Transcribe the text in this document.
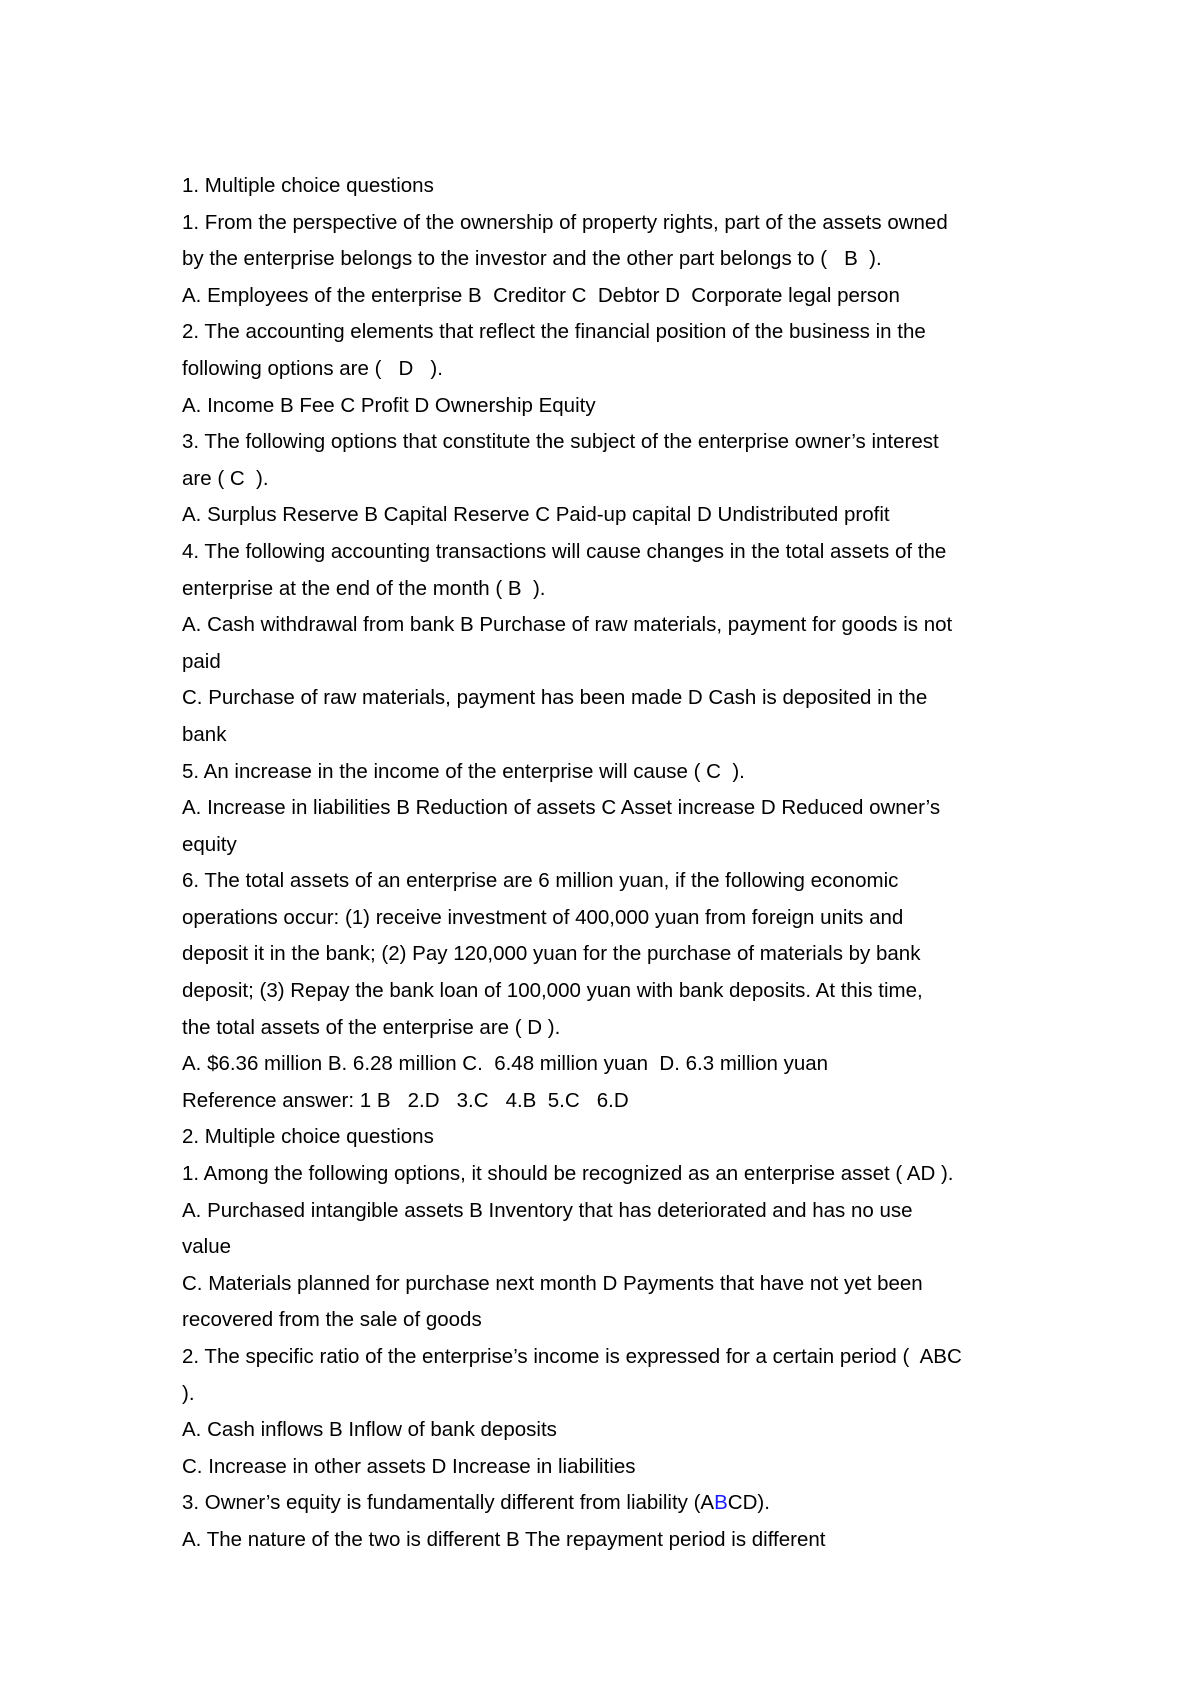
1. Multiple choice questions
1. From the perspective of the ownership of property rights, part of the assets owned
by the enterprise belongs to the investor and the other part belongs to (   B  ).
A. Employees of the enterprise B  Creditor C  Debtor D  Corporate legal person
2. The accounting elements that reflect the financial position of the business in the
following options are (   D   ).
A. Income B Fee C Profit D Ownership Equity
3. The following options that constitute the subject of the enterprise owner’s interest
are ( C  ).
A. Surplus Reserve B Capital Reserve C Paid-up capital D Undistributed profit
4. The following accounting transactions will cause changes in the total assets of the
enterprise at the end of the month ( B  ).
A. Cash withdrawal from bank B Purchase of raw materials, payment for goods is not
paid
C. Purchase of raw materials, payment has been made D Cash is deposited in the
bank
5. An increase in the income of the enterprise will cause ( C  ).
A. Increase in liabilities B Reduction of assets C Asset increase D Reduced owner’s
equity
6. The total assets of an enterprise are 6 million yuan, if the following economic
operations occur: (1) receive investment of 400,000 yuan from foreign units and
deposit it in the bank; (2) Pay 120,000 yuan for the purchase of materials by bank
deposit; (3) Repay the bank loan of 100,000 yuan with bank deposits. At this time,
the total assets of the enterprise are ( D ).
A. $6.36 million B. 6.28 million C.  6.48 million yuan  D. 6.3 million yuan
Reference answer: 1 B   2.D   3.C   4.B  5.C   6.D
2. Multiple choice questions
1. Among the following options, it should be recognized as an enterprise asset ( AD ).
A. Purchased intangible assets B Inventory that has deteriorated and has no use
value
C. Materials planned for purchase next month D Payments that have not yet been
recovered from the sale of goods
2. The specific ratio of the enterprise’s income is expressed for a certain period (  ABC
).
A. Cash inflows B Inflow of bank deposits
C. Increase in other assets D Increase in liabilities
3. Owner’s equity is fundamentally different from liability (ABCD).
A. The nature of the two is different B The repayment period is different
